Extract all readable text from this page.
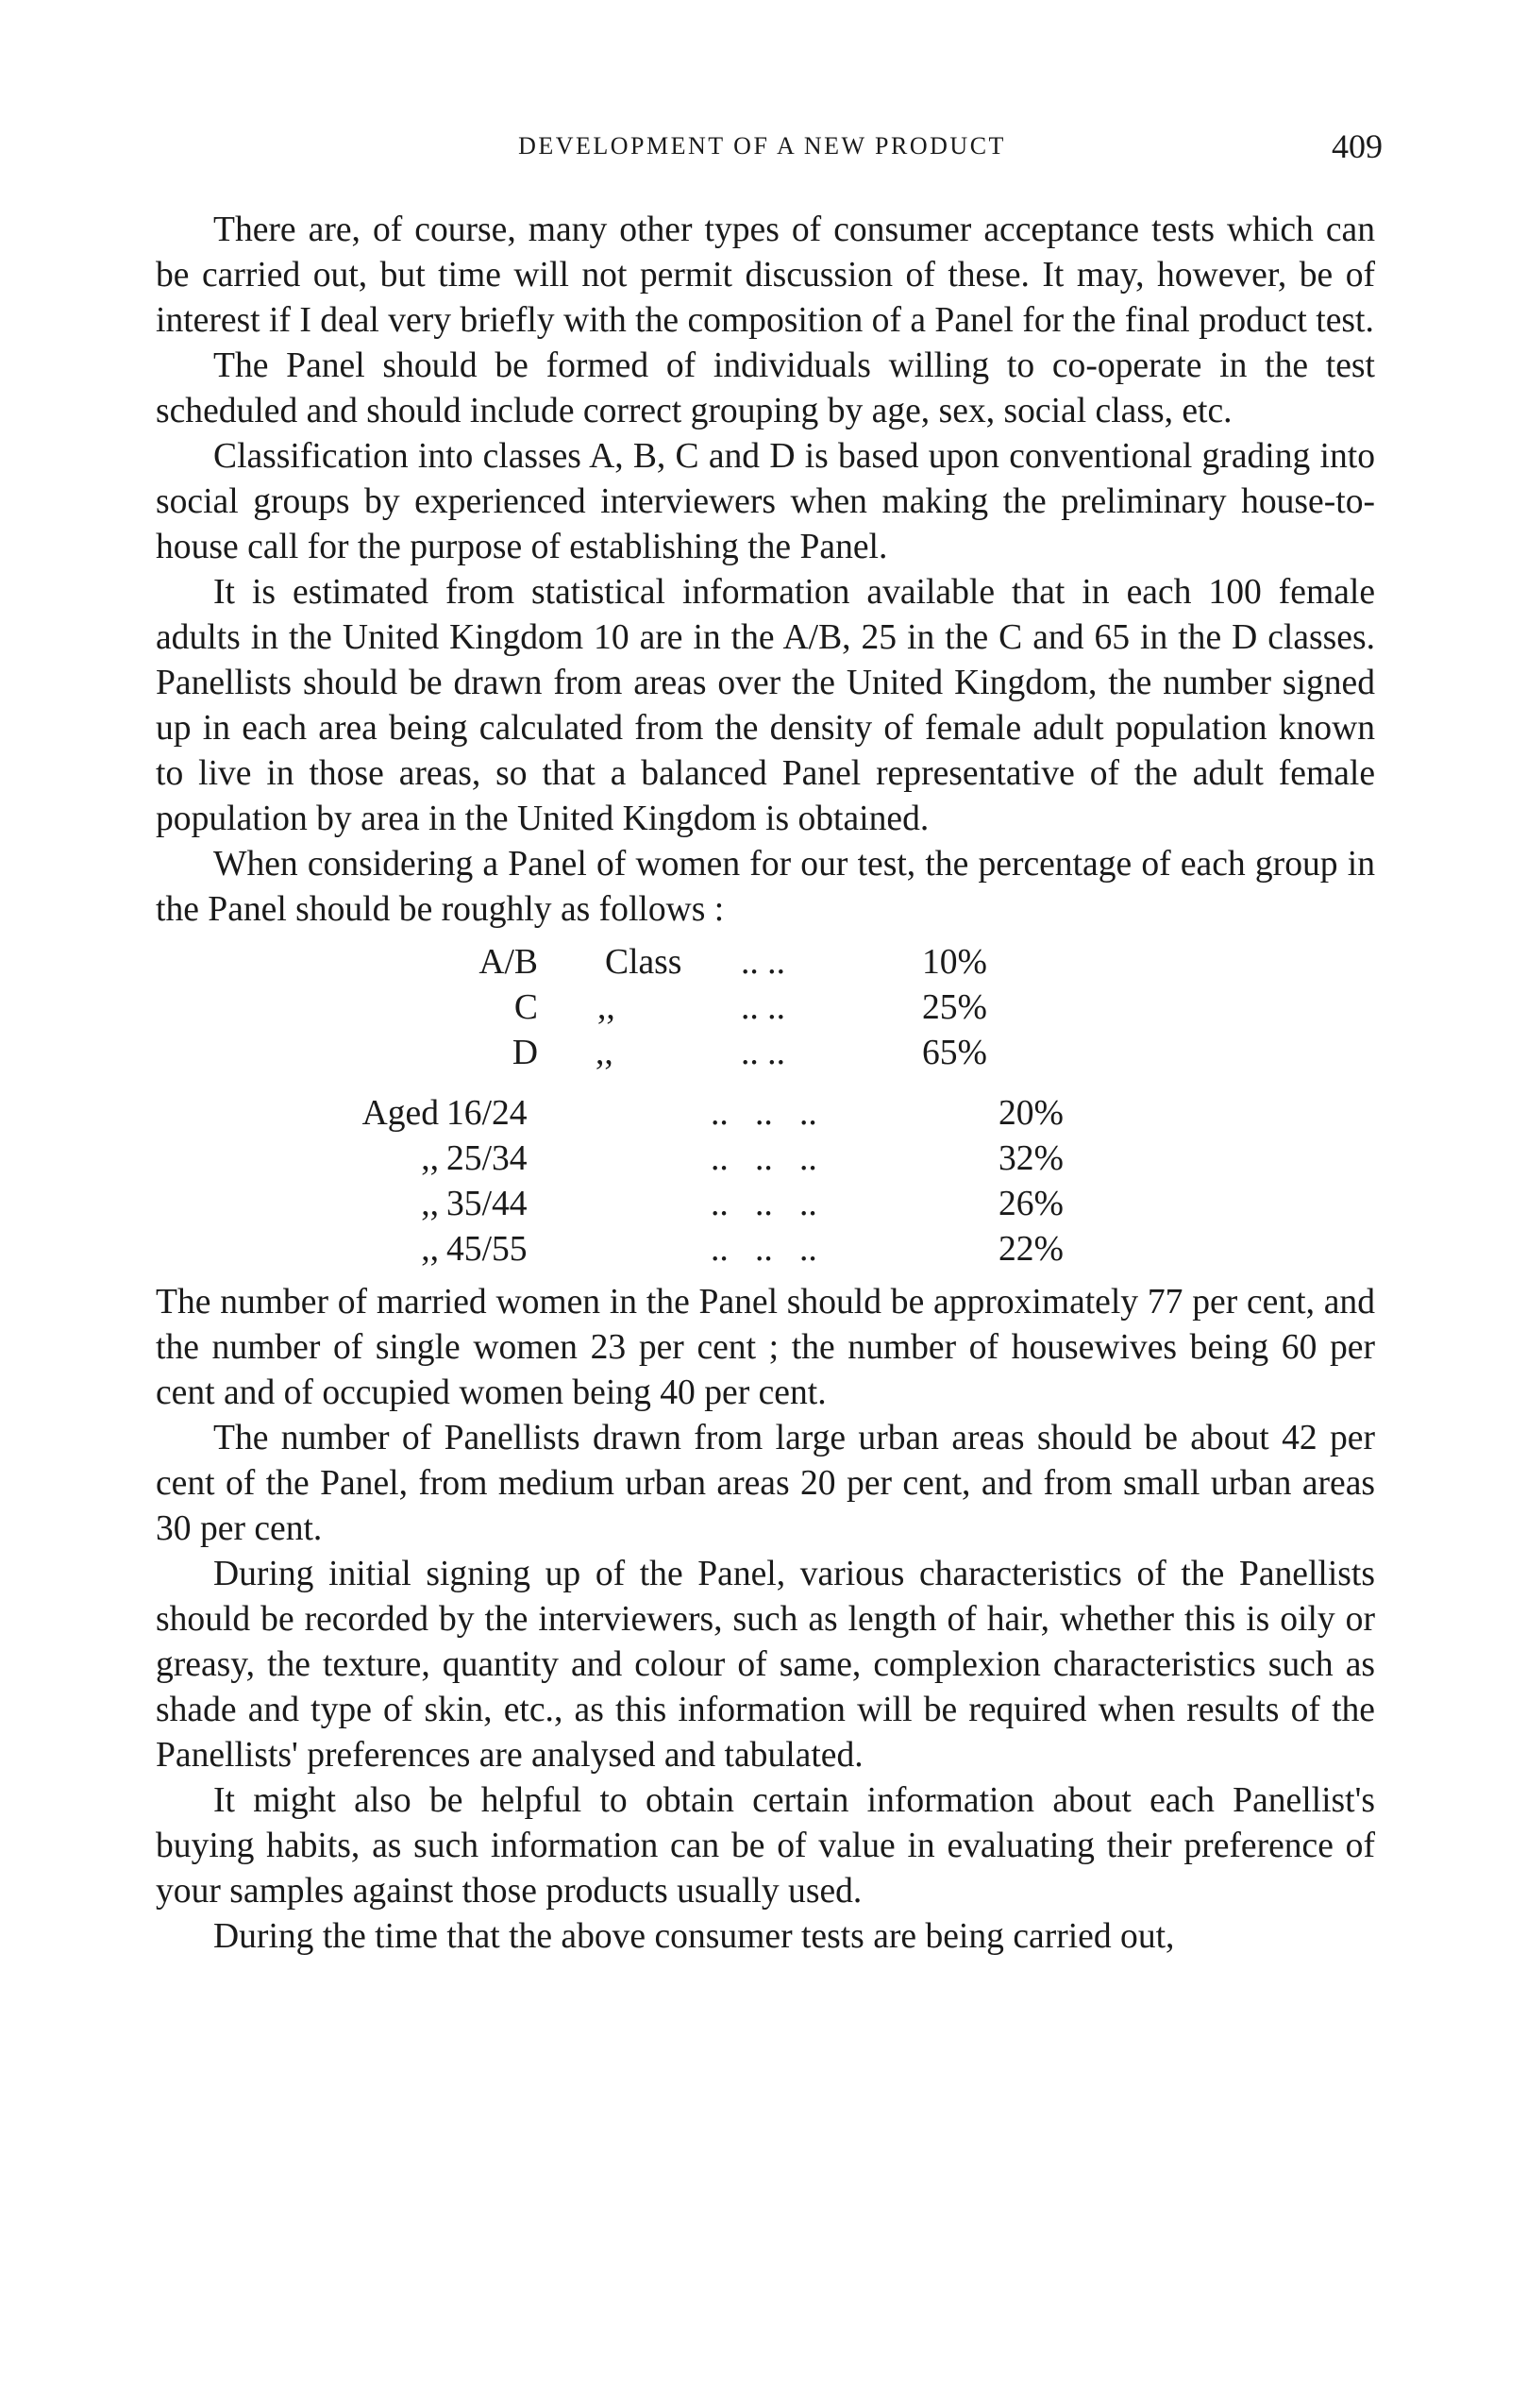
DEVELOPMENT OF A NEW PRODUCT	409

There are, of course, many other types of consumer acceptance tests which can be carried out, but time will not permit discussion of these. It may, however, be of interest if I deal very briefly with the composition of a Panel for the final product test.

The Panel should be formed of individuals willing to co-operate in the test scheduled and should include correct grouping by age, sex, social class, etc.

Classification into classes A, B, C and D is based upon conventional grading into social groups by experienced interviewers when making the preliminary house-to-house call for the purpose of establishing the Panel.

It is estimated from statistical information available that in each 100 female adults in the United Kingdom 10 are in the A/B, 25 in the C and 65 in the D classes. Panellists should be drawn from areas over the United Kingdom, the number signed up in each area being calculated from the density of female adult population known to live in those areas, so that a balanced Panel representative of the adult female population by area in the United Kingdom is obtained.

When considering a Panel of women for our test, the percentage of each group in the Panel should be roughly as follows :

A/B Class .. ..	10%
C ,,	.. ..	25%
D ,,	.. ..	65%
Aged 16/24	..   ..   ..	20%
,, 25/34	..   ..   ..	32%
,, 35/44	..   ..   ..	26%
,, 45/55	..   ..   ..	22%

The number of married women in the Panel should be approximately 77 per cent, and the number of single women 23 per cent ; the number of housewives being 60 per cent and of occupied women being 40 per cent.

The number of Panellists drawn from large urban areas should be about 42 per cent of the Panel, from medium urban areas 20 per cent, and from small urban areas 30 per cent.

During initial signing up of the Panel, various characteristics of the Panellists should be recorded by the interviewers, such as length of hair, whether this is oily or greasy, the texture, quantity and colour of same, complexion characteristics such as shade and type of skin, etc., as this information will be required when results of the Panellists' preferences are analysed and tabulated.

It might also be helpful to obtain certain information about each Panellist's buying habits, as such information can be of value in evaluating their preference of your samples against those products usually used.

During the time that the above consumer tests are being carried out,
